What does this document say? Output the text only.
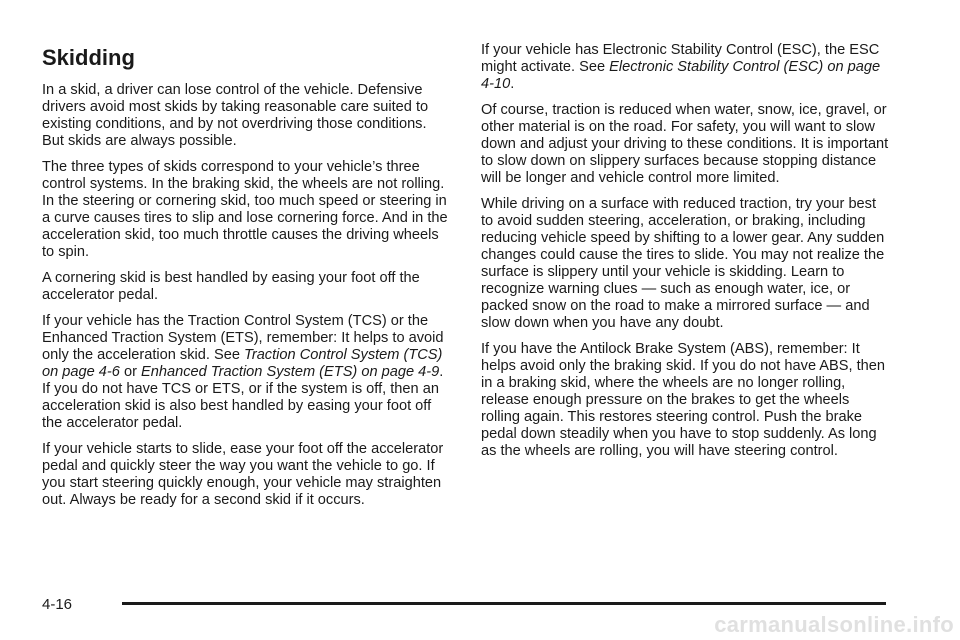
Skidding

In a skid, a driver can lose control of the vehicle. Defensive drivers avoid most skids by taking reasonable care suited to existing conditions, and by not overdriving those conditions. But skids are always possible.

The three types of skids correspond to your vehicle’s three control systems. In the braking skid, the wheels are not rolling. In the steering or cornering skid, too much speed or steering in a curve causes tires to slip and lose cornering force. And in the acceleration skid, too much throttle causes the driving wheels to spin.

A cornering skid is best handled by easing your foot off the accelerator pedal.

If your vehicle has the Traction Control System (TCS) or the Enhanced Traction System (ETS), remember: It helps to avoid only the acceleration skid. See Traction Control System (TCS) on page 4-6 or Enhanced Traction System (ETS) on page 4-9. If you do not have TCS or ETS, or if the system is off, then an acceleration skid is also best handled by easing your foot off the accelerator pedal.

If your vehicle starts to slide, ease your foot off the accelerator pedal and quickly steer the way you want the vehicle to go. If you start steering quickly enough, your vehicle may straighten out. Always be ready for a second skid if it occurs.

If your vehicle has Electronic Stability Control (ESC), the ESC might activate. See Electronic Stability Control (ESC) on page 4-10.

Of course, traction is reduced when water, snow, ice, gravel, or other material is on the road. For safety, you will want to slow down and adjust your driving to these conditions. It is important to slow down on slippery surfaces because stopping distance will be longer and vehicle control more limited.

While driving on a surface with reduced traction, try your best to avoid sudden steering, acceleration, or braking, including reducing vehicle speed by shifting to a lower gear. Any sudden changes could cause the tires to slide. You may not realize the surface is slippery until your vehicle is skidding. Learn to recognize warning clues — such as enough water, ice, or packed snow on the road to make a mirrored surface — and slow down when you have any doubt.

If you have the Antilock Brake System (ABS), remember: It helps avoid only the braking skid. If you do not have ABS, then in a braking skid, where the wheels are no longer rolling, release enough pressure on the brakes to get the wheels rolling again. This restores steering control. Push the brake pedal down steadily when you have to stop suddenly. As long as the wheels are rolling, you will have steering control.

4-16
carmanualsonline.info
